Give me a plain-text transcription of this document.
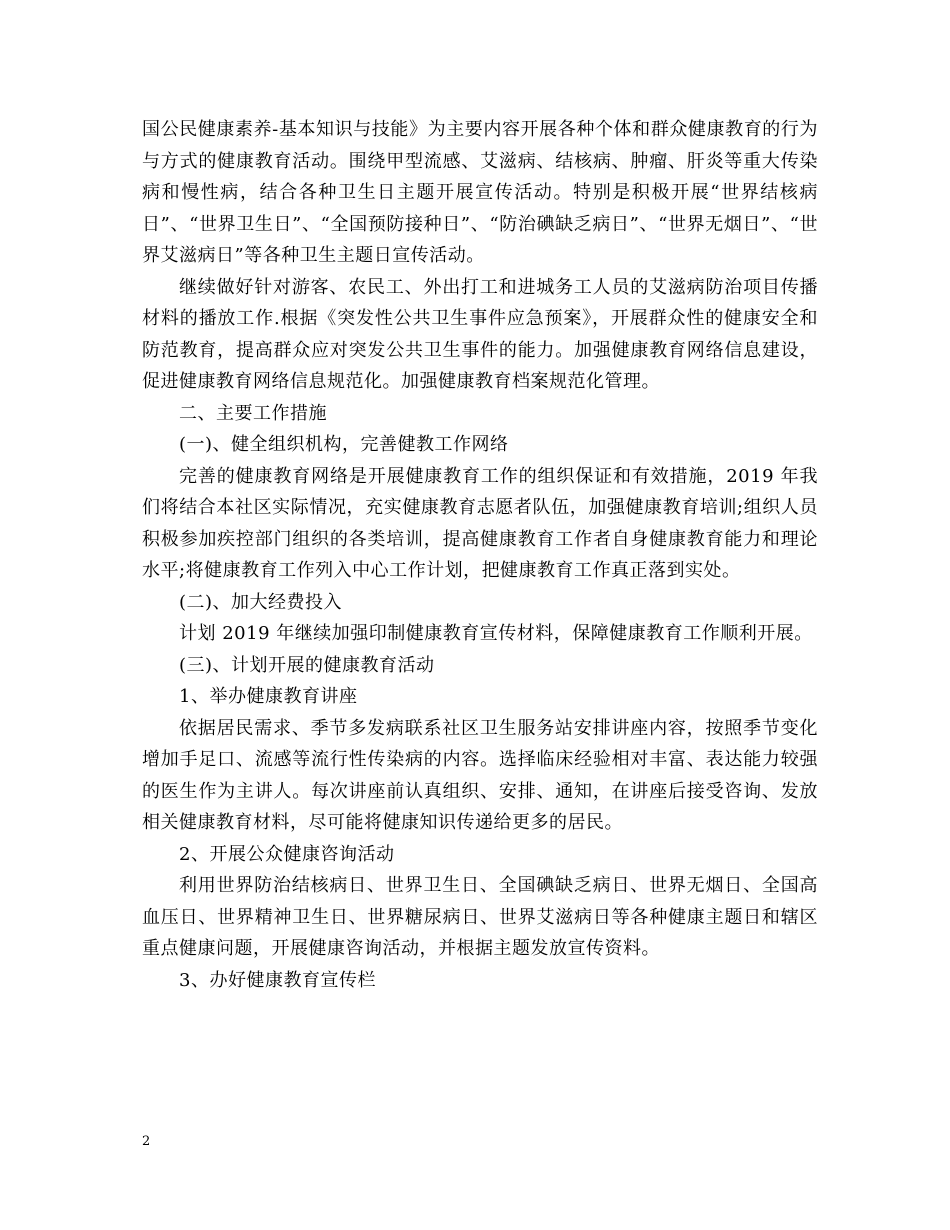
国公民健康素养-基本知识与技能》为主要内容开展各种个体和群众健康教育的行为与方式的健康教育活动。围绕甲型流感、艾滋病、结核病、肿瘤、肝炎等重大传染病和慢性病，结合各种卫生日主题开展宣传活动。特别是积极开展“世界结核病日”、“世界卫生日”、“全国预防接种日”、“防治碘缺乏病日”、“世界无烟日”、“世界艾滋病日”等各种卫生主题日宣传活动。

继续做好针对游客、农民工、外出打工和进城务工人员的艾滋病防治项目传播材料的播放工作.根据《突发性公共卫生事件应急预案》，开展群众性的健康安全和防范教育，提高群众应对突发公共卫生事件的能力。加强健康教育网络信息建设，促进健康教育网络信息规范化。加强健康教育档案规范化管理。

二、主要工作措施

(一)、健全组织机构，完善健教工作网络

完善的健康教育网络是开展健康教育工作的组织保证和有效措施，2019 年我们将结合本社区实际情况，充实健康教育志愿者队伍，加强健康教育培训;组织人员积极参加疾控部门组织的各类培训，提高健康教育工作者自身健康教育能力和理论水平;将健康教育工作列入中心工作计划，把健康教育工作真正落到实处。

(二)、加大经费投入

计划 2019 年继续加强印制健康教育宣传材料，保障健康教育工作顺利开展。

(三)、计划开展的健康教育活动

1、举办健康教育讲座

依据居民需求、季节多发病联系社区卫生服务站安排讲座内容，按照季节变化增加手足口、流感等流行性传染病的内容。选择临床经验相对丰富、表达能力较强的医生作为主讲人。每次讲座前认真组织、安排、通知，在讲座后接受咨询、发放相关健康教育材料，尽可能将健康知识传递给更多的居民。

2、开展公众健康咨询活动

利用世界防治结核病日、世界卫生日、全国碘缺乏病日、世界无烟日、全国高血压日、世界精神卫生日、世界糖尿病日、世界艾滋病日等各种健康主题日和辖区重点健康问题，开展健康咨询活动，并根据主题发放宣传资料。

3、办好健康教育宣传栏

2
